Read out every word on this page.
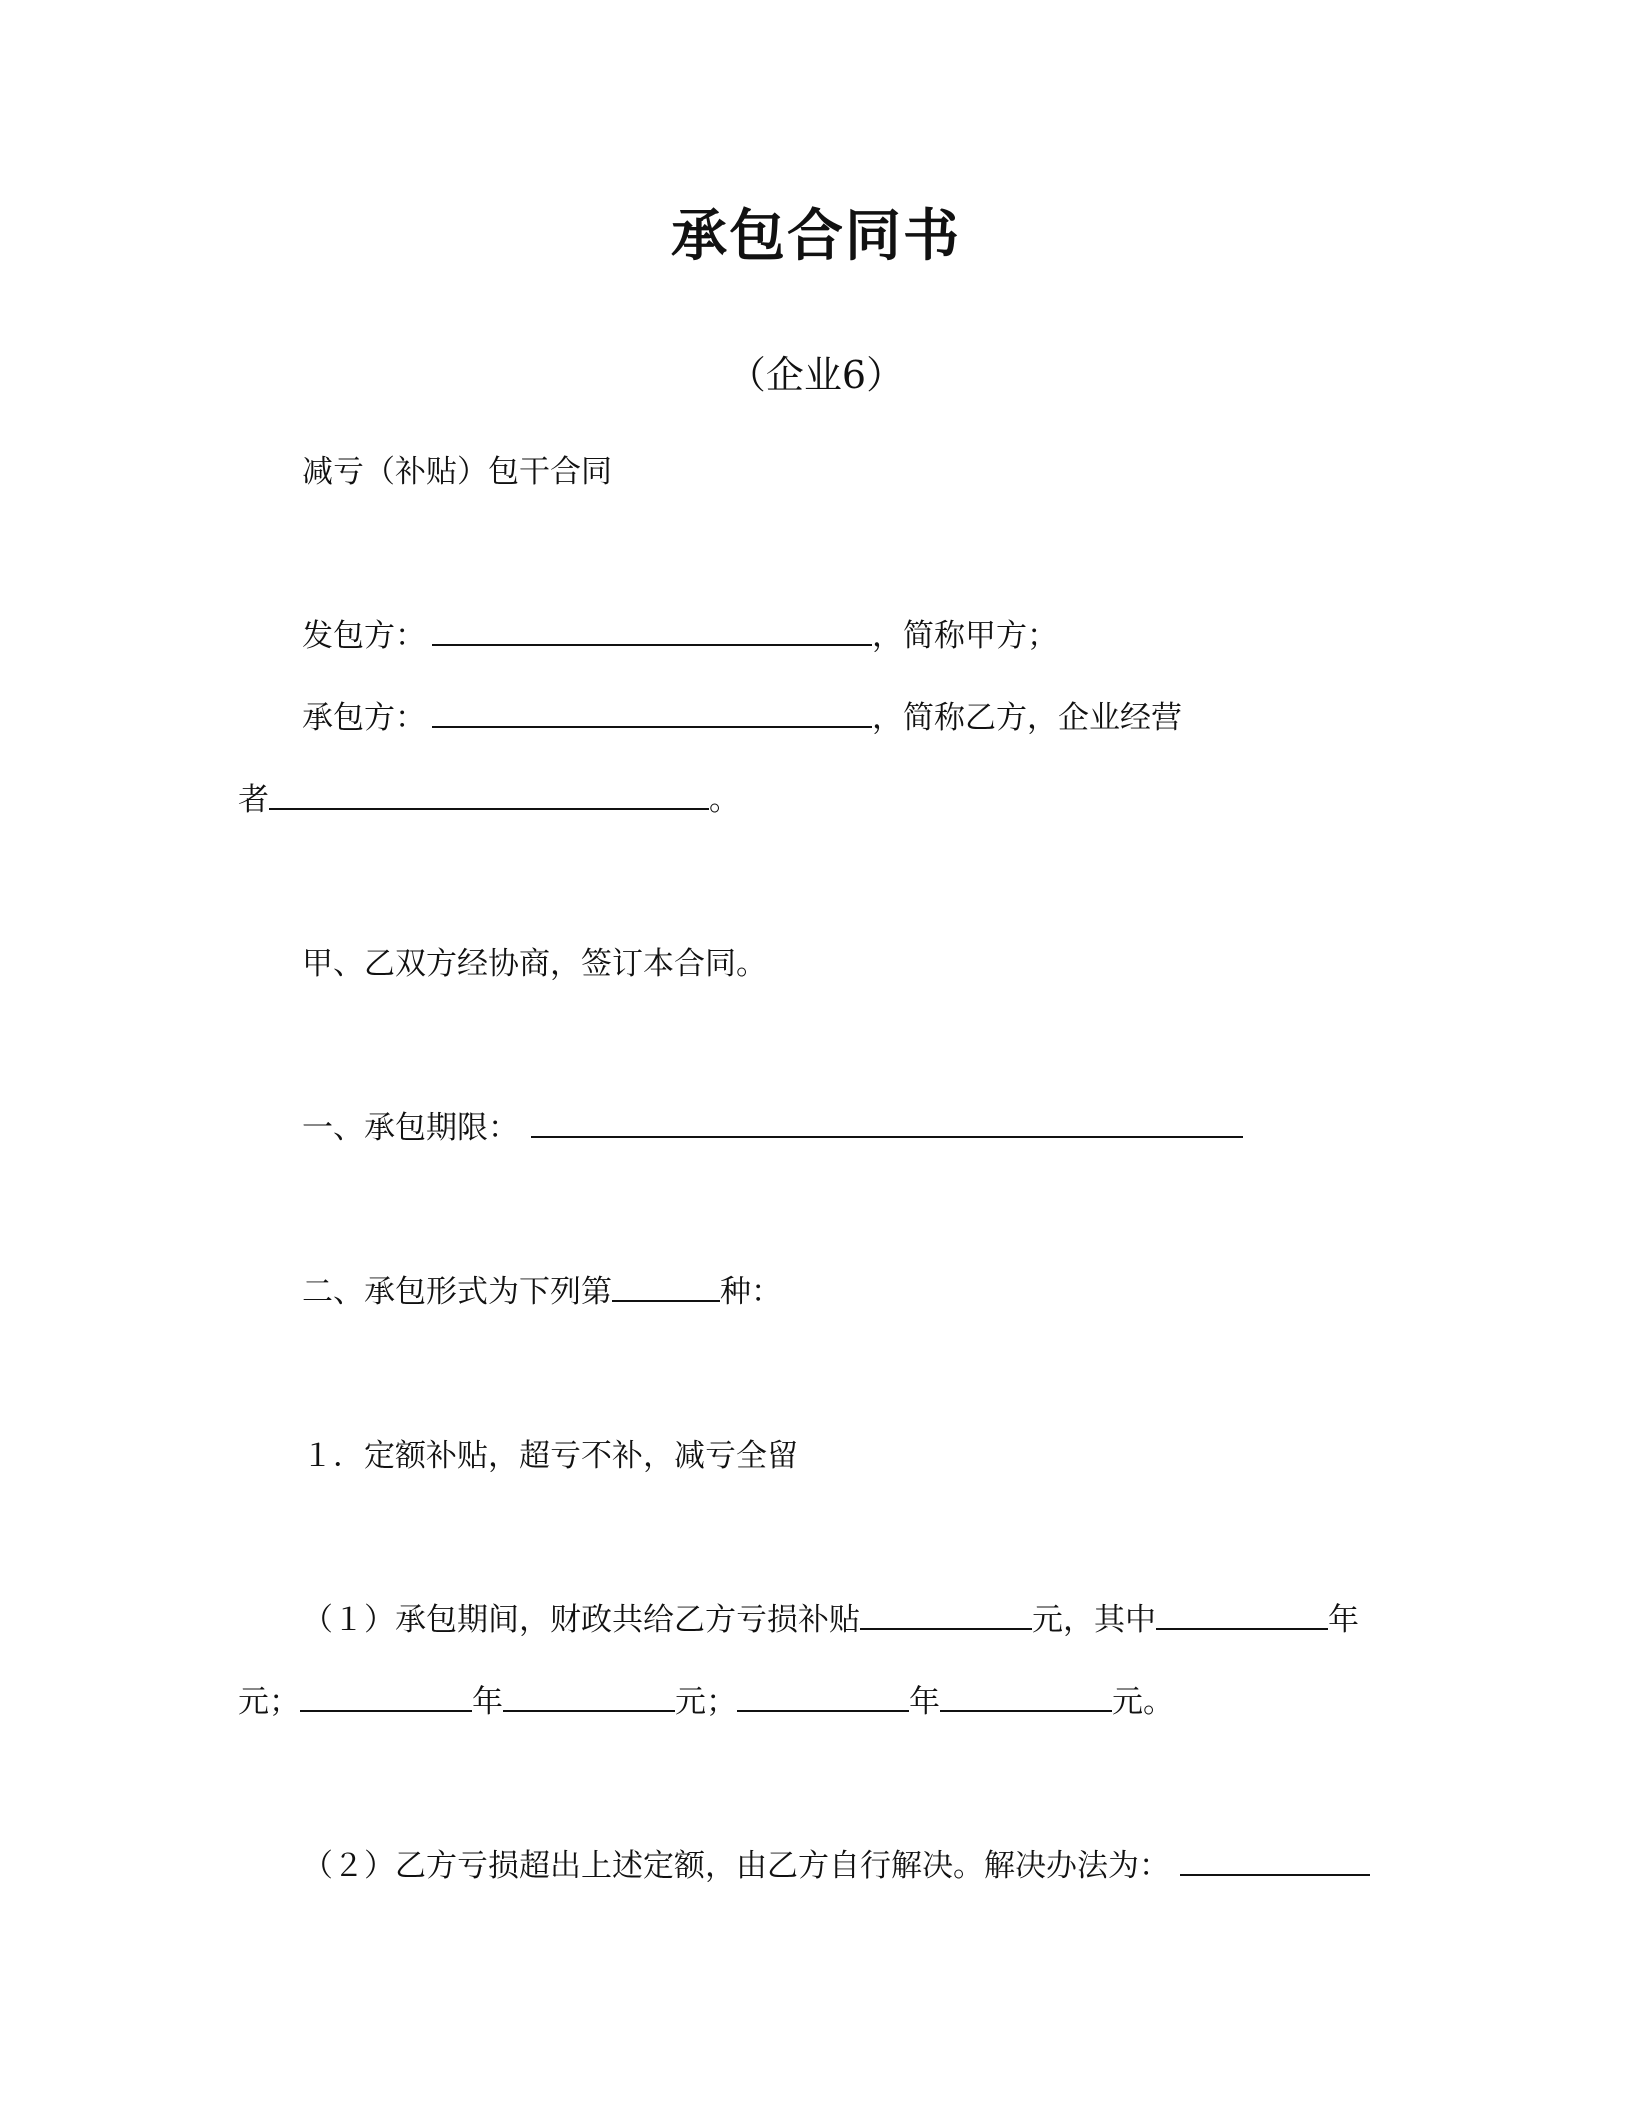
承包合同书
（企业6）
减亏（补贴）包干合同
发包方：	，简称甲方；
承包方：	，简称乙方，企业经营
者	。
甲、乙双方经协商，签订本合同。
一、承包期限：
二、承包形式为下列第	种：
１．定额补贴，超亏不补，减亏全留
（１）承包期间，财政共给乙方亏损补贴	元，其中	年
元；	年	元；	年	元。
（２）乙方亏损超出上述定额，由乙方自行解决。解决办法为：
